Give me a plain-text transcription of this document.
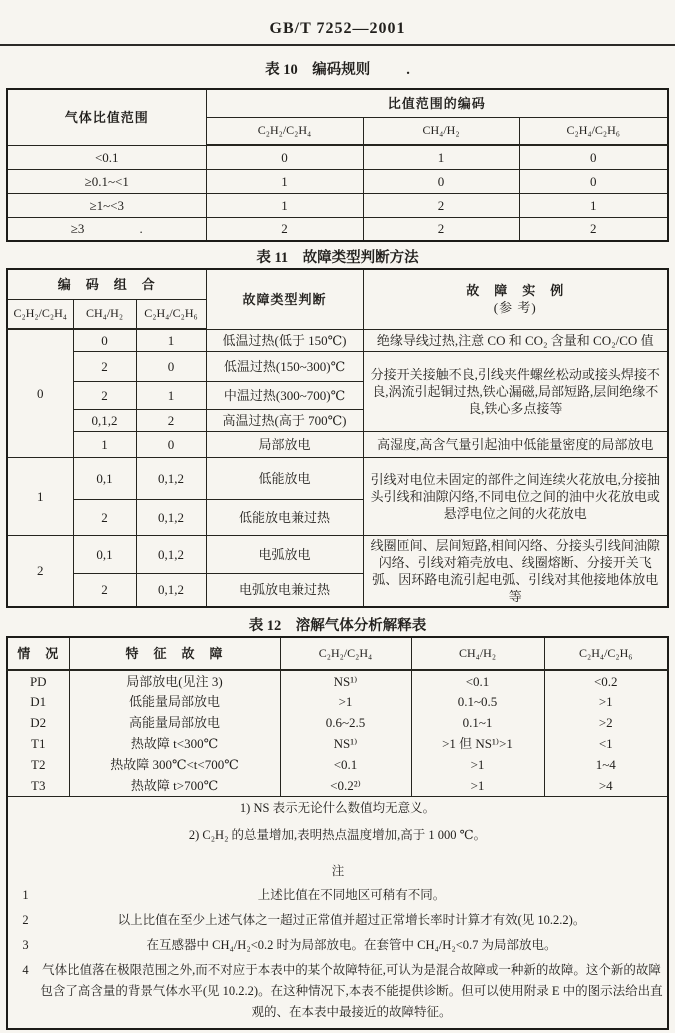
GB/T 7252—2001
表 10　编码规则 .
气体比值范围	比值范围的编码		
	C₂H₂/C₂H₄	CH₄/H₂	C₂H₄/C₂H₆
<0.1	0	1	0
≥0.1~<1	1	0	0
≥1~<3	1	2	1
≥3 .	2	2	2
表 11　故障类型判断方法
编　码　组　合			故障类型判断	故　障　实　例
(参 考)

C₂H₂/C₂H₄	CH₄/H₂	C₂H₄/C₂H₆		
0	0	1	低温过热(低于 150℃)	绝缘导线过热,注意 CO 和 CO₂ 含量和 CO₂/CO 值
	2	0	低温过热(150~300)℃	分接开关接触不良,引线夹件螺丝松动或接头焊接不良,涡流引起铜过热,铁心漏磁,局部短路,层间绝缘不良,铁心多点接等
	2	1	中温过热(300~700)℃	
	0,1,2	2	高温过热(高于 700℃)	
	1	0	局部放电	高湿度,高含气量引起油中低能量密度的局部放电
1	0,1	0,1,2	低能放电	引线对电位未固定的部件之间连续火花放电,分接抽头引线和油隙闪络,不同电位之间的油中火花放电或悬浮电位之间的火花放电
	2	0,1,2	低能放电兼过热	
2	0,1	0,1,2	电弧放电	线圈匝间、层间短路,相间闪络、分接头引线间油隙闪络、引线对箱壳放电、线圈熔断、分接开关飞弧、因环路电流引起电弧、引线对其他接地体放电等
	2	0,1,2	电弧放电兼过热	
表 12　溶解气体分析解释表
情　况	特　征　故　障	C₂H₂/C₂H₄	CH₄/H₂	C₂H₄/C₂H₆
PD	局部放电(见注 3)	NS¹⁾	<0.1	<0.2
D1	低能量局部放电	>1	0.1~0.5	>1
D2	高能量局部放电	0.6~2.5	0.1~1	>2
T1	热故障 t<300℃	NS¹⁾	>1 但 NS¹⁾>1	<1
T2	热故障 300℃<t<700℃	<0.1	>1	1~4
T3	热故障 t>700℃	<0.2²⁾	>1	>4

1) NS 表示无论什么数值均无意义。

2) C₂H₂ 的总量增加,表明热点温度增加,高于 1 000 ℃。

注
1	上述比值在不同地区可稍有不同。
2	以上比值在至少上述气体之一超过正常值并超过正常增长率时计算才有效(见 10.2.2)。
3	在互感器中 CH₄/H₂<0.2 时为局部放电。在套管中 CH₄/H₂<0.7 为局部放电。
4	气体比值落在极限范围之外,而不对应于本表中的某个故障特征,可认为是混合故障或一种新的故障。这个新的故障包含了高含量的背景气体水平(见 10.2.2)。在这种情况下,本表不能提供诊断。但可以使用附录 E 中的图示法给出直观的、在本表中最接近的故障特征。
